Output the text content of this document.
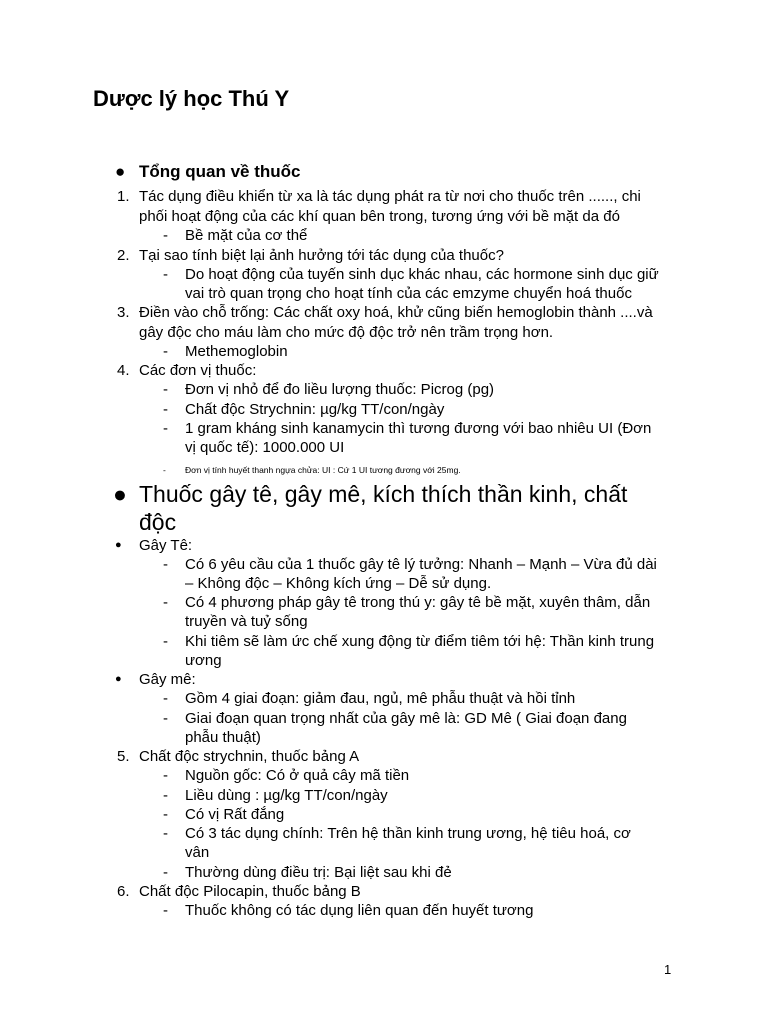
Dược lý học Thú Y
● Tổng quan về thuốc
1. Tác dụng điều khiển từ xa là tác dụng phát ra từ nơi cho thuốc trên ......, chi
phối hoạt động của các khí quan bên trong, tương ứng với bề mặt da đó
- Bề mặt của cơ thể
2. Tại sao tính biệt lại ảnh hưởng tới tác dụng của thuốc?
- Do hoạt động của tuyến sinh dục khác nhau, các hormone sinh dục giữ
vai trò quan trọng cho hoạt tính của các emzyme chuyển hoá thuốc
3. Điền vào chỗ trống: Các chất oxy hoá, khử cũng biến hemoglobin thành ....và
gây độc cho máu làm cho mức độ độc trở nên trầm trọng hơn.
- Methemoglobin
4. Các đơn vị thuốc:
- Đơn vị nhỏ để đo liều lượng thuốc: Picrog (pg)
- Chất độc Strychnin: µg/kg TT/con/ngày
- 1 gram kháng sinh kanamycin thì tương đương với bao nhiêu UI (Đơn
vị quốc tế): 1000.000 UI
- Đơn vị tính huyết thanh ngựa chửa: UI : Cứ 1 UI tương đương với 25mg.
● Thuốc gây tê, gây mê, kích thích thần kinh, chất
độc
● Gây Tê:
- Có 6 yêu cầu của 1 thuốc gây tê lý tưởng: Nhanh – Mạnh – Vừa đủ dài
– Không độc – Không kích ứng – Dễ sử dụng.
- Có 4 phương pháp gây tê trong thú y: gây tê bề mặt, xuyên thâm, dẫn
truyền và tuỷ sống
- Khi tiêm sẽ làm ức chế xung động từ điểm tiêm tới hệ: Thần kinh trung
ương
● Gây mê:
- Gồm 4 giai đoạn: giảm đau, ngủ, mê phẫu thuật và hồi tỉnh
- Giai đoạn quan trọng nhất của gây mê là: GD Mê ( Giai đoạn đang
phẫu thuật)
5. Chất độc strychnin, thuốc bảng A
- Nguồn gốc: Có ở quả cây mã tiền
- Liều dùng : µg/kg TT/con/ngày
- Có vị Rất đắng
- Có 3 tác dụng chính: Trên hệ thần kinh trung ương, hệ tiêu hoá, cơ
vân
- Thường dùng điều trị: Bại liệt sau khi đẻ
6. Chất độc Pilocapin, thuốc bảng B
- Thuốc không có tác dụng liên quan đến huyết tương
1
